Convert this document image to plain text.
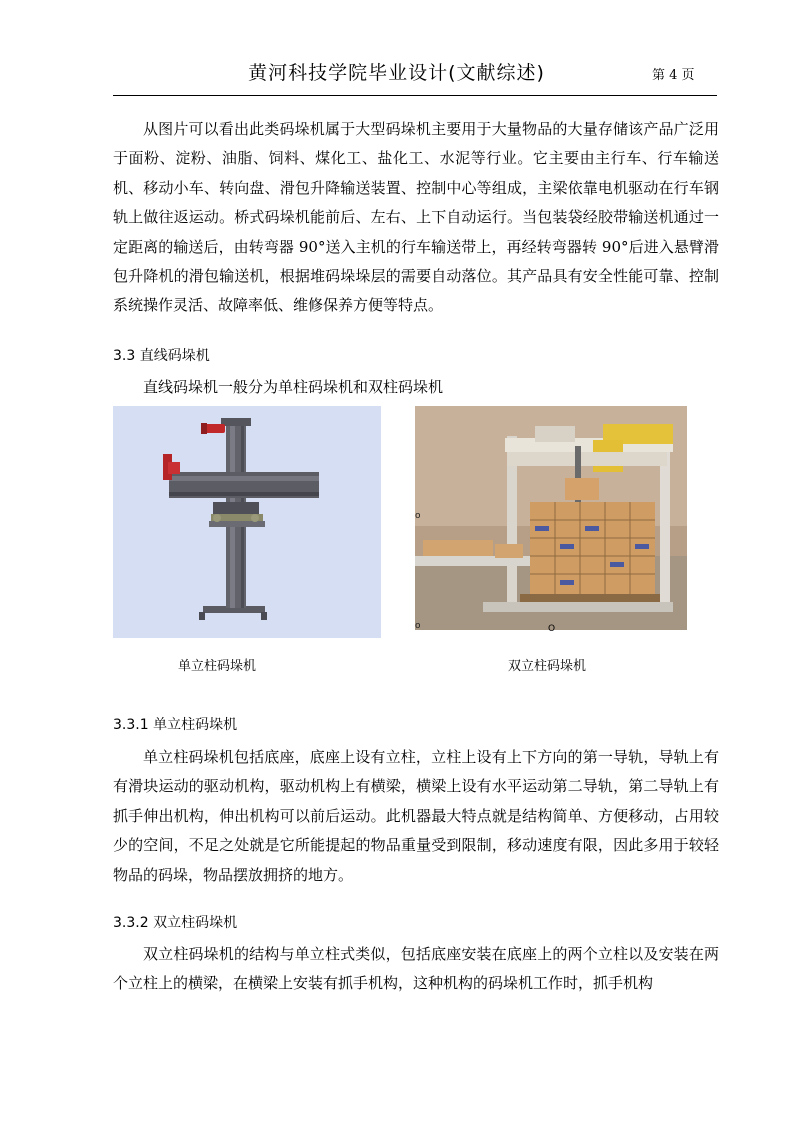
黄河科技学院毕业设计(文献综述)	第 4 页

从图片可以看出此类码垛机属于大型码垛机主要用于大量物品的大量存储该产品广泛用于面粉、淀粉、油脂、饲料、煤化工、盐化工、水泥等行业。它主要由主行车、行车输送机、移动小车、转向盘、滑包升降输送装置、控制中心等组成，主梁依靠电机驱动在行车钢轨上做往返运动。桥式码垛机能前后、左右、上下自动运行。当包装袋经胶带输送机通过一定距离的输送后，由转弯器 90°送入主机的行车输送带上，再经转弯器转 90°后进入悬臂滑包升降机的滑包输送机，根据堆码垛垛层的需要自动落位。其产品具有安全性能可靠、控制系统操作灵活、故障率低、维修保养方便等特点。

3.3 直线码垛机

直线码垛机一般分为单柱码垛机和双柱码垛机

o
o	O
单立柱码垛机	双立柱码垛机
3.3.1 单立柱码垛机

单立柱码垛机包括底座，底座上设有立柱，立柱上设有上下方向的第一导轨，导轨上有有滑块运动的驱动机构，驱动机构上有横梁，横梁上设有水平运动第二导轨，第二导轨上有抓手伸出机构，伸出机构可以前后运动。此机器最大特点就是结构简单、方便移动，占用较少的空间，不足之处就是它所能提起的物品重量受到限制，移动速度有限，因此多用于较轻物品的码垛，物品摆放拥挤的地方。

3.3.2 双立柱码垛机

双立柱码垛机的结构与单立柱式类似，包括底座安装在底座上的两个立柱以及安装在两个立柱上的横梁，在横梁上安装有抓手机构，这种机构的码垛机工作时，抓手机构
